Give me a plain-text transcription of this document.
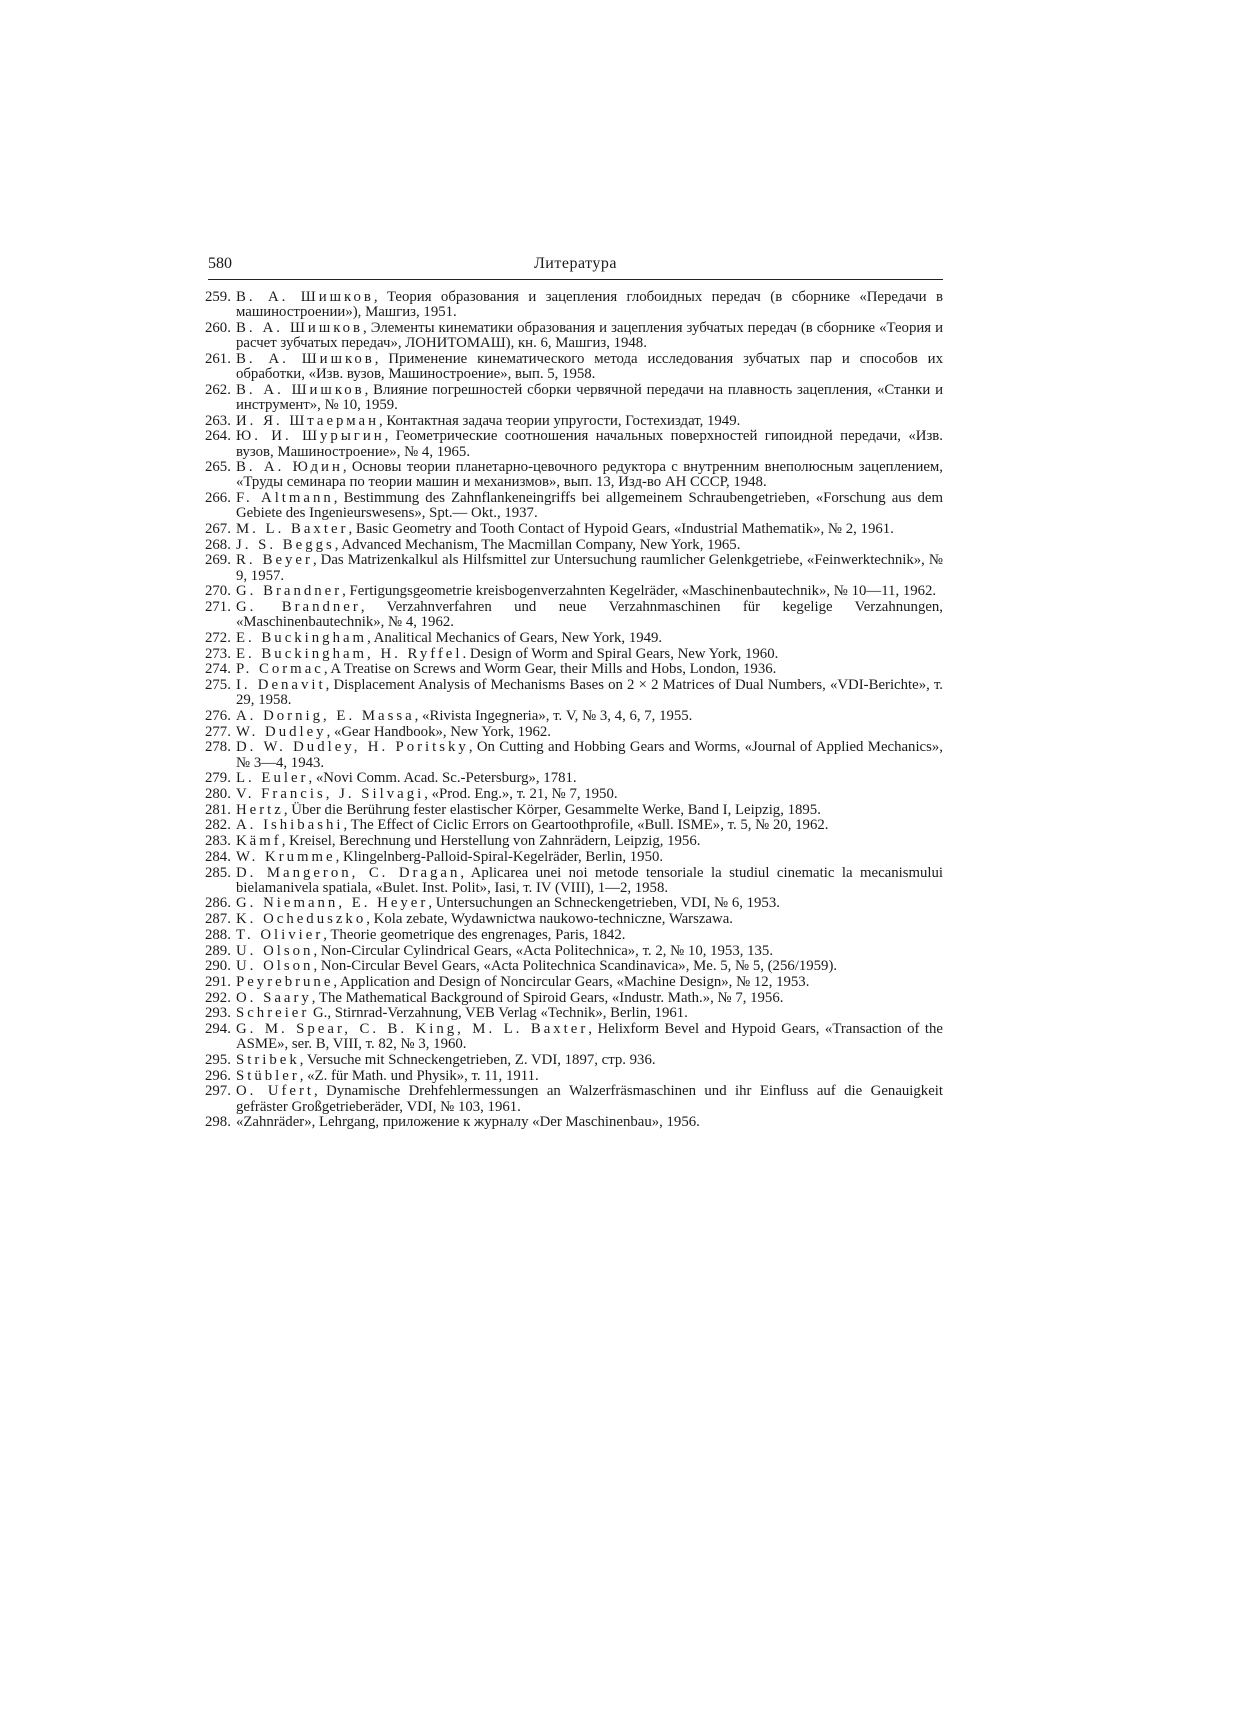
580	Литература
259. В. А. Шишков, Теория образования и зацепления глобоидных передач (в сборнике «Передачи в машиностроении»), Машгиз, 1951.
260. В. А. Шишков, Элементы кинематики образования и зацепления зубчатых передач (в сборнике «Теория и расчет зубчатых передач», ЛОНИТОМАШ), кн. 6, Машгиз, 1948.
261. В. А. Шишков, Применение кинематического метода исследования зубчатых пар и способов их обработки, «Изв. вузов, Машиностроение», вып. 5, 1958.
262. В. А. Шишков, Влияние погрешностей сборки червячной передачи на плавность зацепления, «Станки и инструмент», № 10, 1959.
263. И. Я. Штаерман, Контактная задача теории упругости, Гостехиздат, 1949.
264. Ю. И. Шурыгин, Геометрические соотношения начальных поверхностей гипоидной передачи, «Изв. вузов, Машиностроение», № 4, 1965.
265. В. А. Юдин, Основы теории планетарно-цевочного редуктора с внутренним внеполюсным зацеплением, «Труды семинара по теории машин и механизмов», вып. 13, Изд-во АН СССР, 1948.
266. F. Altmann, Bestimmung des Zahnflankeneingriffs bei allgemeinem Schraubengetrieben, «Forschung aus dem Gebiete des Ingenieurswesens», Spt.— Okt., 1937.
267. M. L. Baxter, Basic Geometry and Tooth Contact of Hypoid Gears, «Industrial Mathematik», № 2, 1961.
268. J. S. Beggs, Advanced Mechanism, The Macmillan Company, New York, 1965.
269. R. Beyer, Das Matrizenkalkul als Hilfsmittel zur Untersuchung raumlicher Gelenkgetriebe, «Feinwerktechnik», № 9, 1957.
270. G. Brandner, Fertigungsgeometrie kreisbogenverzahnten Kegelräder, «Maschinenbautechnik», № 10—11, 1962.
271. G. Brandner, Verzahnverfahren und neue Verzahnmaschinen für kegelige Verzahnungen, «Maschinenbautechnik», № 4, 1962.
272. E. Buckingham, Analitical Mechanics of Gears, New York, 1949.
273. E. Buckingham, H. Ryffel. Design of Worm and Spiral Gears, New York, 1960.
274. P. Cormac, A Treatise on Screws and Worm Gear, their Mills and Hobs, London, 1936.
275. I. Denavit, Displacement Analysis of Mechanisms Bases on 2 × 2 Matrices of Dual Numbers, «VDI-Berichte», т. 29, 1958.
276. A. Dornig, E. Massa, «Rivista Ingegneria», т. V, № 3, 4, 6, 7, 1955.
277. W. Dudley, «Gear Handbook», New York, 1962.
278. D. W. Dudley, H. Poritsky, On Cutting and Hobbing Gears and Worms, «Journal of Applied Mechanics», № 3—4, 1943.
279. L. Euler, «Novi Comm. Acad. Sc.-Petersburg», 1781.
280. V. Francis, J. Silvagi, «Prod. Eng.», т. 21, № 7, 1950.
281. Hertz, Über die Berührung fester elastischer Körper, Gesammelte Werke, Band I, Leipzig, 1895.
282. A. Ishibashi, The Effect of Ciclic Errors on Geartoothprofile, «Bull. ISME», т. 5, № 20, 1962.
283. Kämf, Kreisel, Berechnung und Herstellung von Zahnrädern, Leipzig, 1956.
284. W. Krumme, Klingelnberg-Palloid-Spiral-Kegelräder, Berlin, 1950.
285. D. Mangeron, C. Dragan, Aplicarea unei noi metode tensoriale la studiul cinematic la mecanismului bielamanivela spatiala, «Bulet. Inst. Polit», Iasi, т. IV (VIII), 1—2, 1958.
286. G. Niemann, E. Heyer, Untersuchungen an Schneckengetrieben, VDI, № 6, 1953.
287. K. Ocheduszko, Kola zebate, Wydawnictwa naukowo-techniczne, Warszawa.
288. T. Olivier, Theorie geometrique des engrenages, Paris, 1842.
289. U. Olson, Non-Circular Cylindrical Gears, «Acta Politechnica», т. 2, № 10, 1953, 135.
290. U. Olson, Non-Circular Bevel Gears, «Acta Politechnica Scandinavica», Me. 5, № 5, (256/1959).
291. Peyrebrune, Application and Design of Noncircular Gears, «Machine Design», № 12, 1953.
292. O. Saary, The Mathematical Background of Spiroid Gears, «Industr. Math.», № 7, 1956.
293. Schreier G., Stirnrad-Verzahnung, VEB Verlag «Technik», Berlin, 1961.
294. G. M. Spear, C. B. King, M. L. Baxter, Helixform Bevel and Hypoid Gears, «Transaction of the ASME», ser. B, VIII, т. 82, № 3, 1960.
295. Stribek, Versuche mit Schneckengetrieben, Z. VDI, 1897, стр. 936.
296. Stübler, «Z. für Math. und Physik», т. 11, 1911.
297. O. Ufert, Dynamische Drehfehlermessungen an Walzerfräsmaschinen und ihr Einfluss auf die Genauigkeit gefräster Großgetrieberäder, VDI, № 103, 1961.
298. «Zahnräder», Lehrgang, приложение к журналу «Der Maschinenbau», 1956.
